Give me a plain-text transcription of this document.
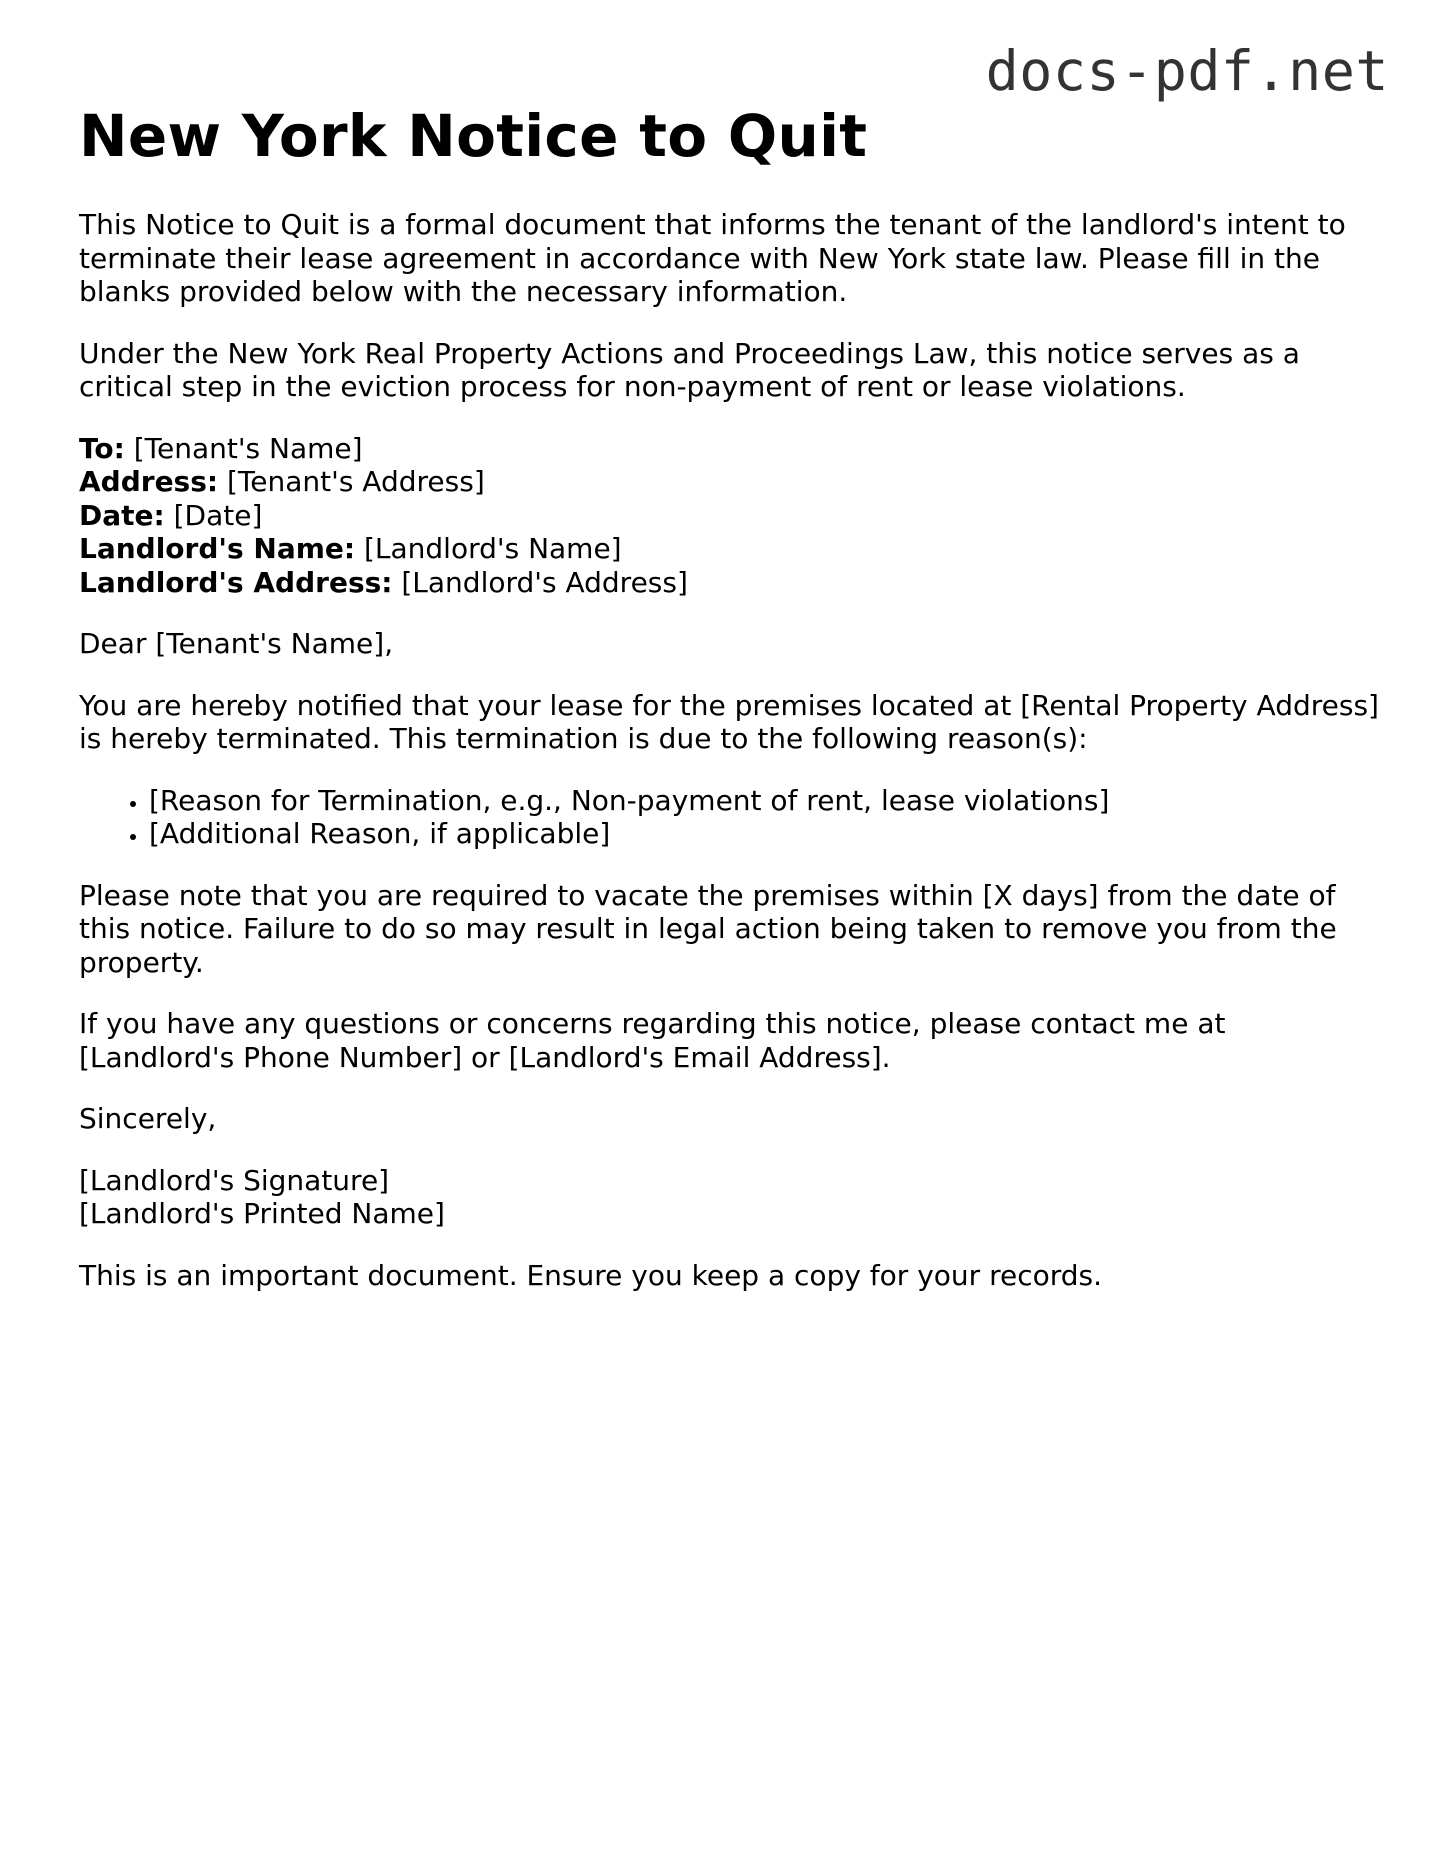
docs-pdf.net
New York Notice to Quit

This Notice to Quit is a formal document that informs the tenant of the landlord's intent to terminate their lease agreement in accordance with New York state law. Please fill in the blanks provided below with the necessary information.

Under the New York Real Property Actions and Proceedings Law, this notice serves as a critical step in the eviction process for non-payment of rent or lease violations.

To: [Tenant's Name]
Address: [Tenant's Address]
Date: [Date]
Landlord's Name: [Landlord's Name]
Landlord's Address: [Landlord's Address]

Dear [Tenant's Name],

You are hereby notified that your lease for the premises located at [Rental Property Address] is hereby terminated. This termination is due to the following reason(s):

• [Reason for Termination, e.g., Non-payment of rent, lease violations]
• [Additional Reason, if applicable]

Please note that you are required to vacate the premises within [X days] from the date of this notice. Failure to do so may result in legal action being taken to remove you from the property.

If you have any questions or concerns regarding this notice, please contact me at [Landlord's Phone Number] or [Landlord's Email Address].

Sincerely,

[Landlord's Signature]

[Landlord's Printed Name]

This is an important document. Ensure you keep a copy for your records.
